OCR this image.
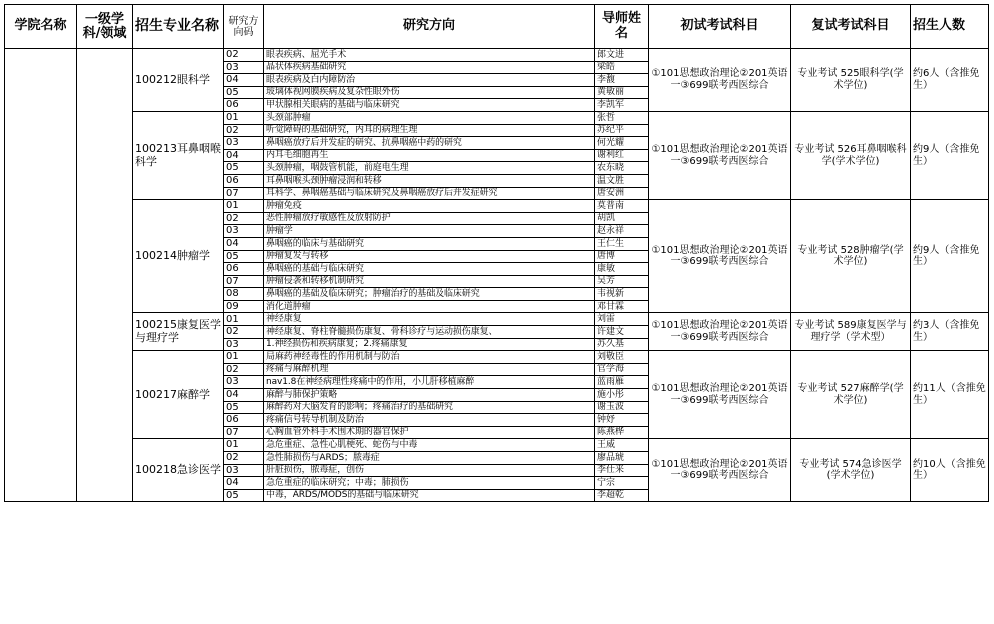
学院名称	一级学科/领域	招生专业名称	研究方向码	研究方向	导师姓名	初试考试科目	复试考试科目	招生人数
		100212眼科学	02	眼表疾病、屈光手术	郎文进	①101思想政治理论②201英语一③699联考西医综合	专业考试 525眼科学(学术学位)	约6人（含推免生）
			03	晶状体疾病基础研究	梁皓			
			04	眼表疾病及白内障防治	李馥			
			05	玻璃体视网膜疾病及复杂性眼外伤	黄敏丽			
			06	甲状腺相关眼病的基础与临床研究	李凯军			
		100213耳鼻咽喉科学	01	头颈部肿瘤	张哲	①101思想政治理论②201英语一③699联考西医综合	专业考试 526耳鼻咽喉科学(学术学位)	约9人（含推免生）
			02	听觉障碍的基础研究，内耳的病理生理	苏纪平			
			03	鼻咽癌放疗后并发症的研究、抗鼻咽癌中药的研究	何光耀			
			04	内耳毛细胞再生	谢利红			
			05	头颈肿瘤，咽鼓管机能，前庭电生理	农东晓			
			06	耳鼻咽喉头颈肿瘤浸润和转移	温文胜			
			07	耳科学、鼻咽癌基础与临床研究及鼻咽癌放疗后并发症研究	唐安洲			
		100214肿瘤学	01	肿瘤免疫	莫普南	①101思想政治理论②201英语一③699联考西医综合	专业考试 528肿瘤学(学术学位)	约9人（含推免生）
			02	恶性肿瘤放疗敏感性及放射防护	胡凯			
			03	肿瘤学	赵永祥			
			04	鼻咽癌的临床与基础研究	王仁生			
			05	肿瘤复发与转移	唐博			
			06	鼻咽癌的基础与临床研究	康敏			
			07	肿瘤侵袭和转移机制研究	吴芳			
			08	鼻咽癌的基础及临床研究；肿瘤治疗的基础及临床研究	韦视新			
			09	消化道肿瘤	邓甘霖			
		100215康复医学与理疗学	01	神经康复	刘雷	①101思想政治理论②201英语一③699联考西医综合	专业考试 589康复医学与理疗学（学术型）	约3人（含推免生）
			02	神经康复、脊柱脊髓损伤康复、骨科诊疗与运动损伤康复、	许建文			
			03	1.神经损伤和疾病康复；2.疼痛康复	苏久基			
		100217麻醉学	01	局麻药神经毒性的作用机制与防治	刘敬臣	①101思想政治理论②201英语一③699联考西医综合	专业考试 527麻醉学(学术学位)	约11人（含推免生）
			02	疼痛与麻醉机理	官学海			
			03	nav1.8在神经病理性疼痛中的作用，小儿肝移植麻醉	蓝雨雁			
			04	麻醉与肺保护策略	施小彤			
			05	麻醉药对大脑发育的影响；疼痛治疗的基础研究	谢玉波			
			06	疼痛信号转导机制及防治	钟妤			
			07	心胸血管外科手术围术期的器官保护	陈燕桦			
		100218急诊医学	01	急危重症、急性心肌梗死、蛇伤与中毒	王威	①101思想政治理论②201英语一③699联考西医综合	专业考试 574急诊医学(学术学位)	约10人（含推免生）
			02	急性肺损伤与ARDS；脓毒症	廖品琥			
			03	肝脏损伤，脓毒症，创伤	李仕来			
			04	急危重症的临床研究；中毒；肺损伤	宁宗			
			05	中毒，ARDS/MODS的基础与临床研究	李超乾			
